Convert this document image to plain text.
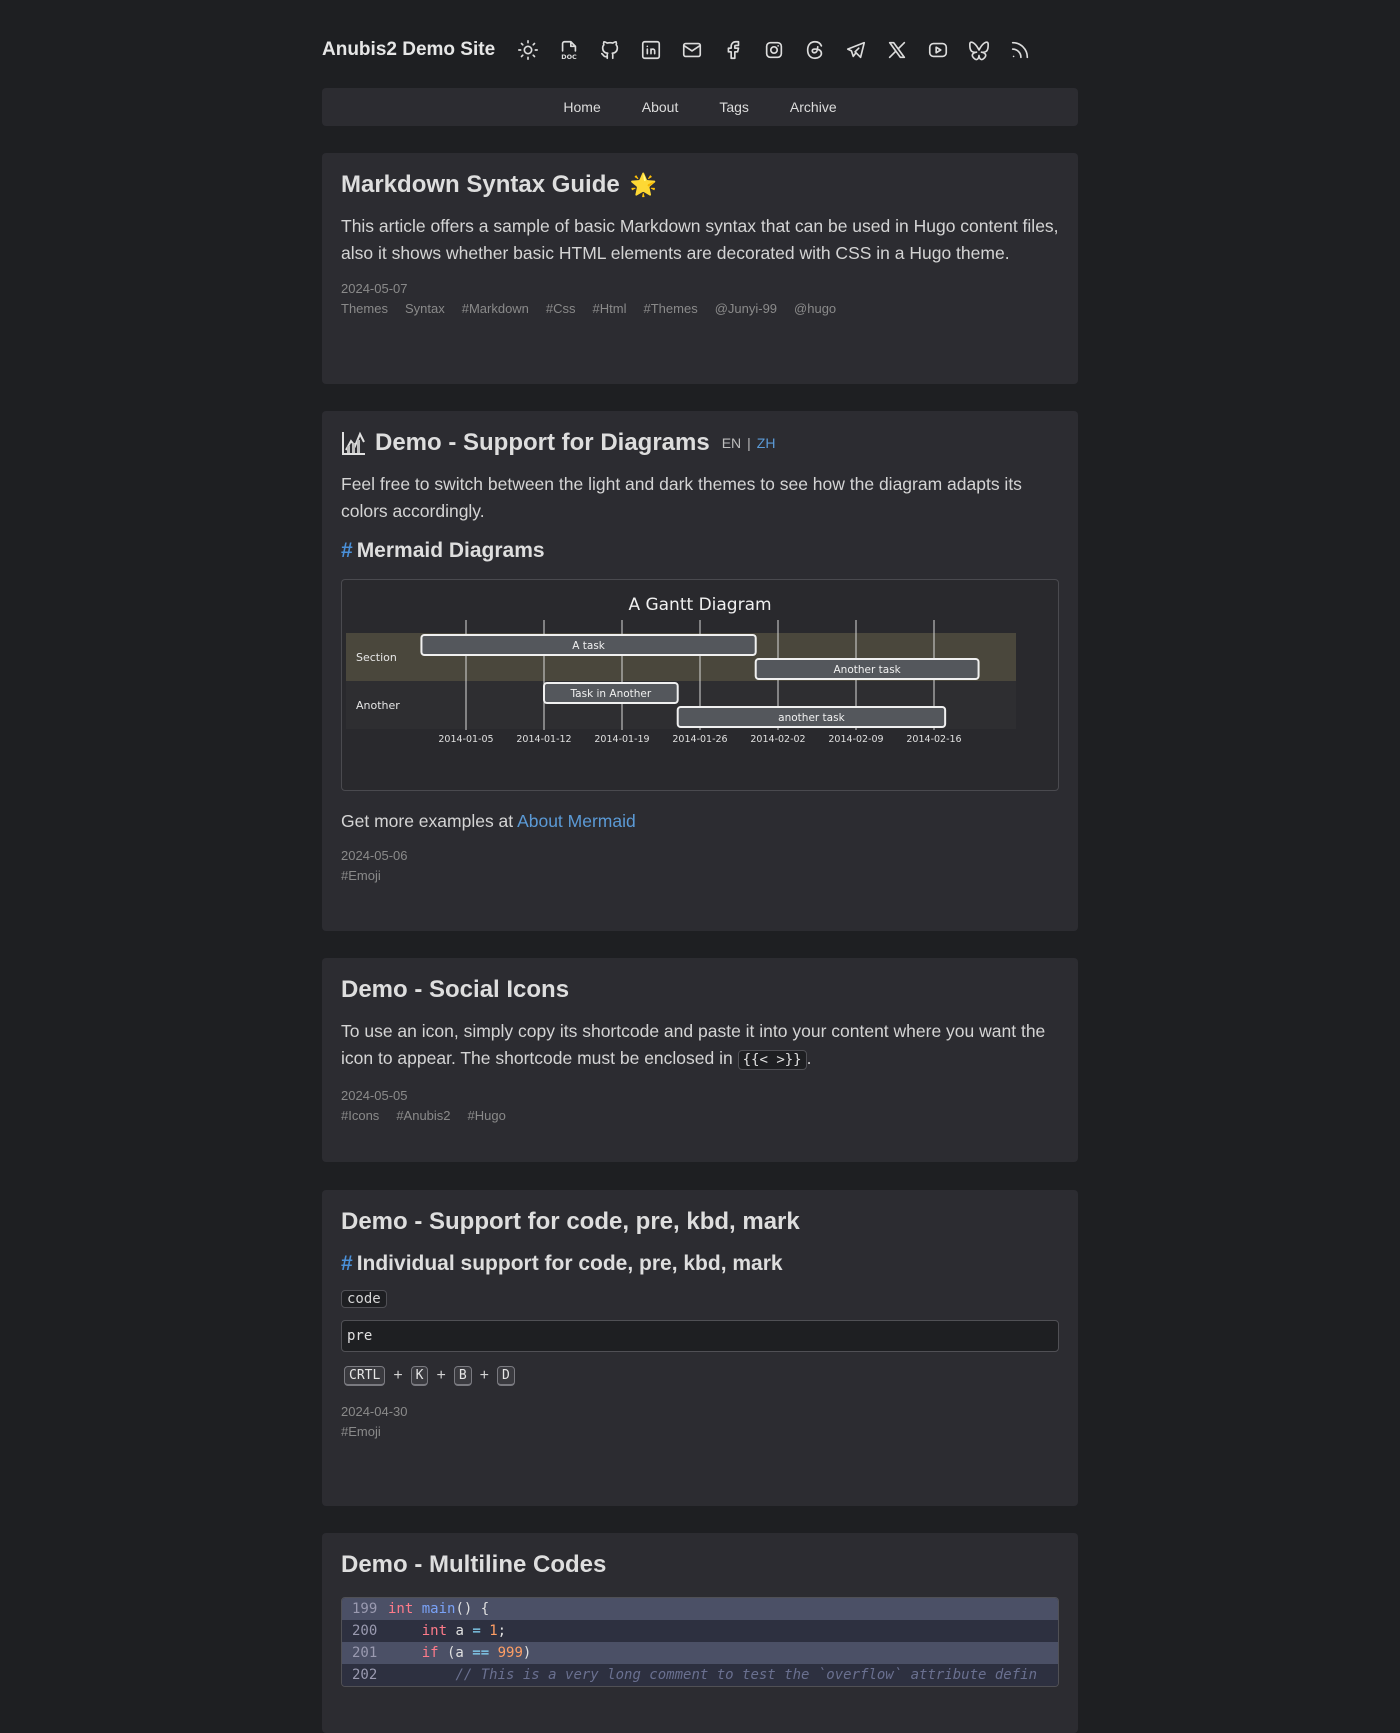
Anubis2 Demo Site	DOC
Home	About	Tags	Archive
Markdown Syntax Guide 🌟

This article offers a sample of basic Markdown syntax that can be used in Hugo content files, also it shows whether basic HTML elements are decorated with CSS in a Hugo theme.

2024-05-07
Themes Syntax #Markdown #Css #Html #Themes @Junyi-99 @hugo
Demo - Support for Diagrams EN | ZH

Feel free to switch between the light and dark themes to see how the diagram adapts its colors accordingly.

# Mermaid Diagrams
A Gantt Diagram
Section
Another
A task
Another task
Task in Another
another task
2014-01-05 2014-01-12 2014-01-19 2014-01-26 2014-02-02 2014-02-09 2014-02-16

Get more examples at About Mermaid

2024-05-06
#Emoji
Demo - Social Icons

To use an icon, simply copy its shortcode and paste it into your content where you want the icon to appear. The shortcode must be enclosed in {{< >}} .

2024-05-05
#Icons #Anubis2 #Hugo
Demo - Support for code, pre, kbd, mark
# Individual support for code, pre, kbd, mark
code
pre
CRTL +	K +	B +	D
2024-04-30
#Emoji
Demo - Multiline Codes
199 int
main () {
200
	int a =
1 ;
201
	if (a ==
999 )
202
	// This is a very long comment to test the `overflow` attribute defin
